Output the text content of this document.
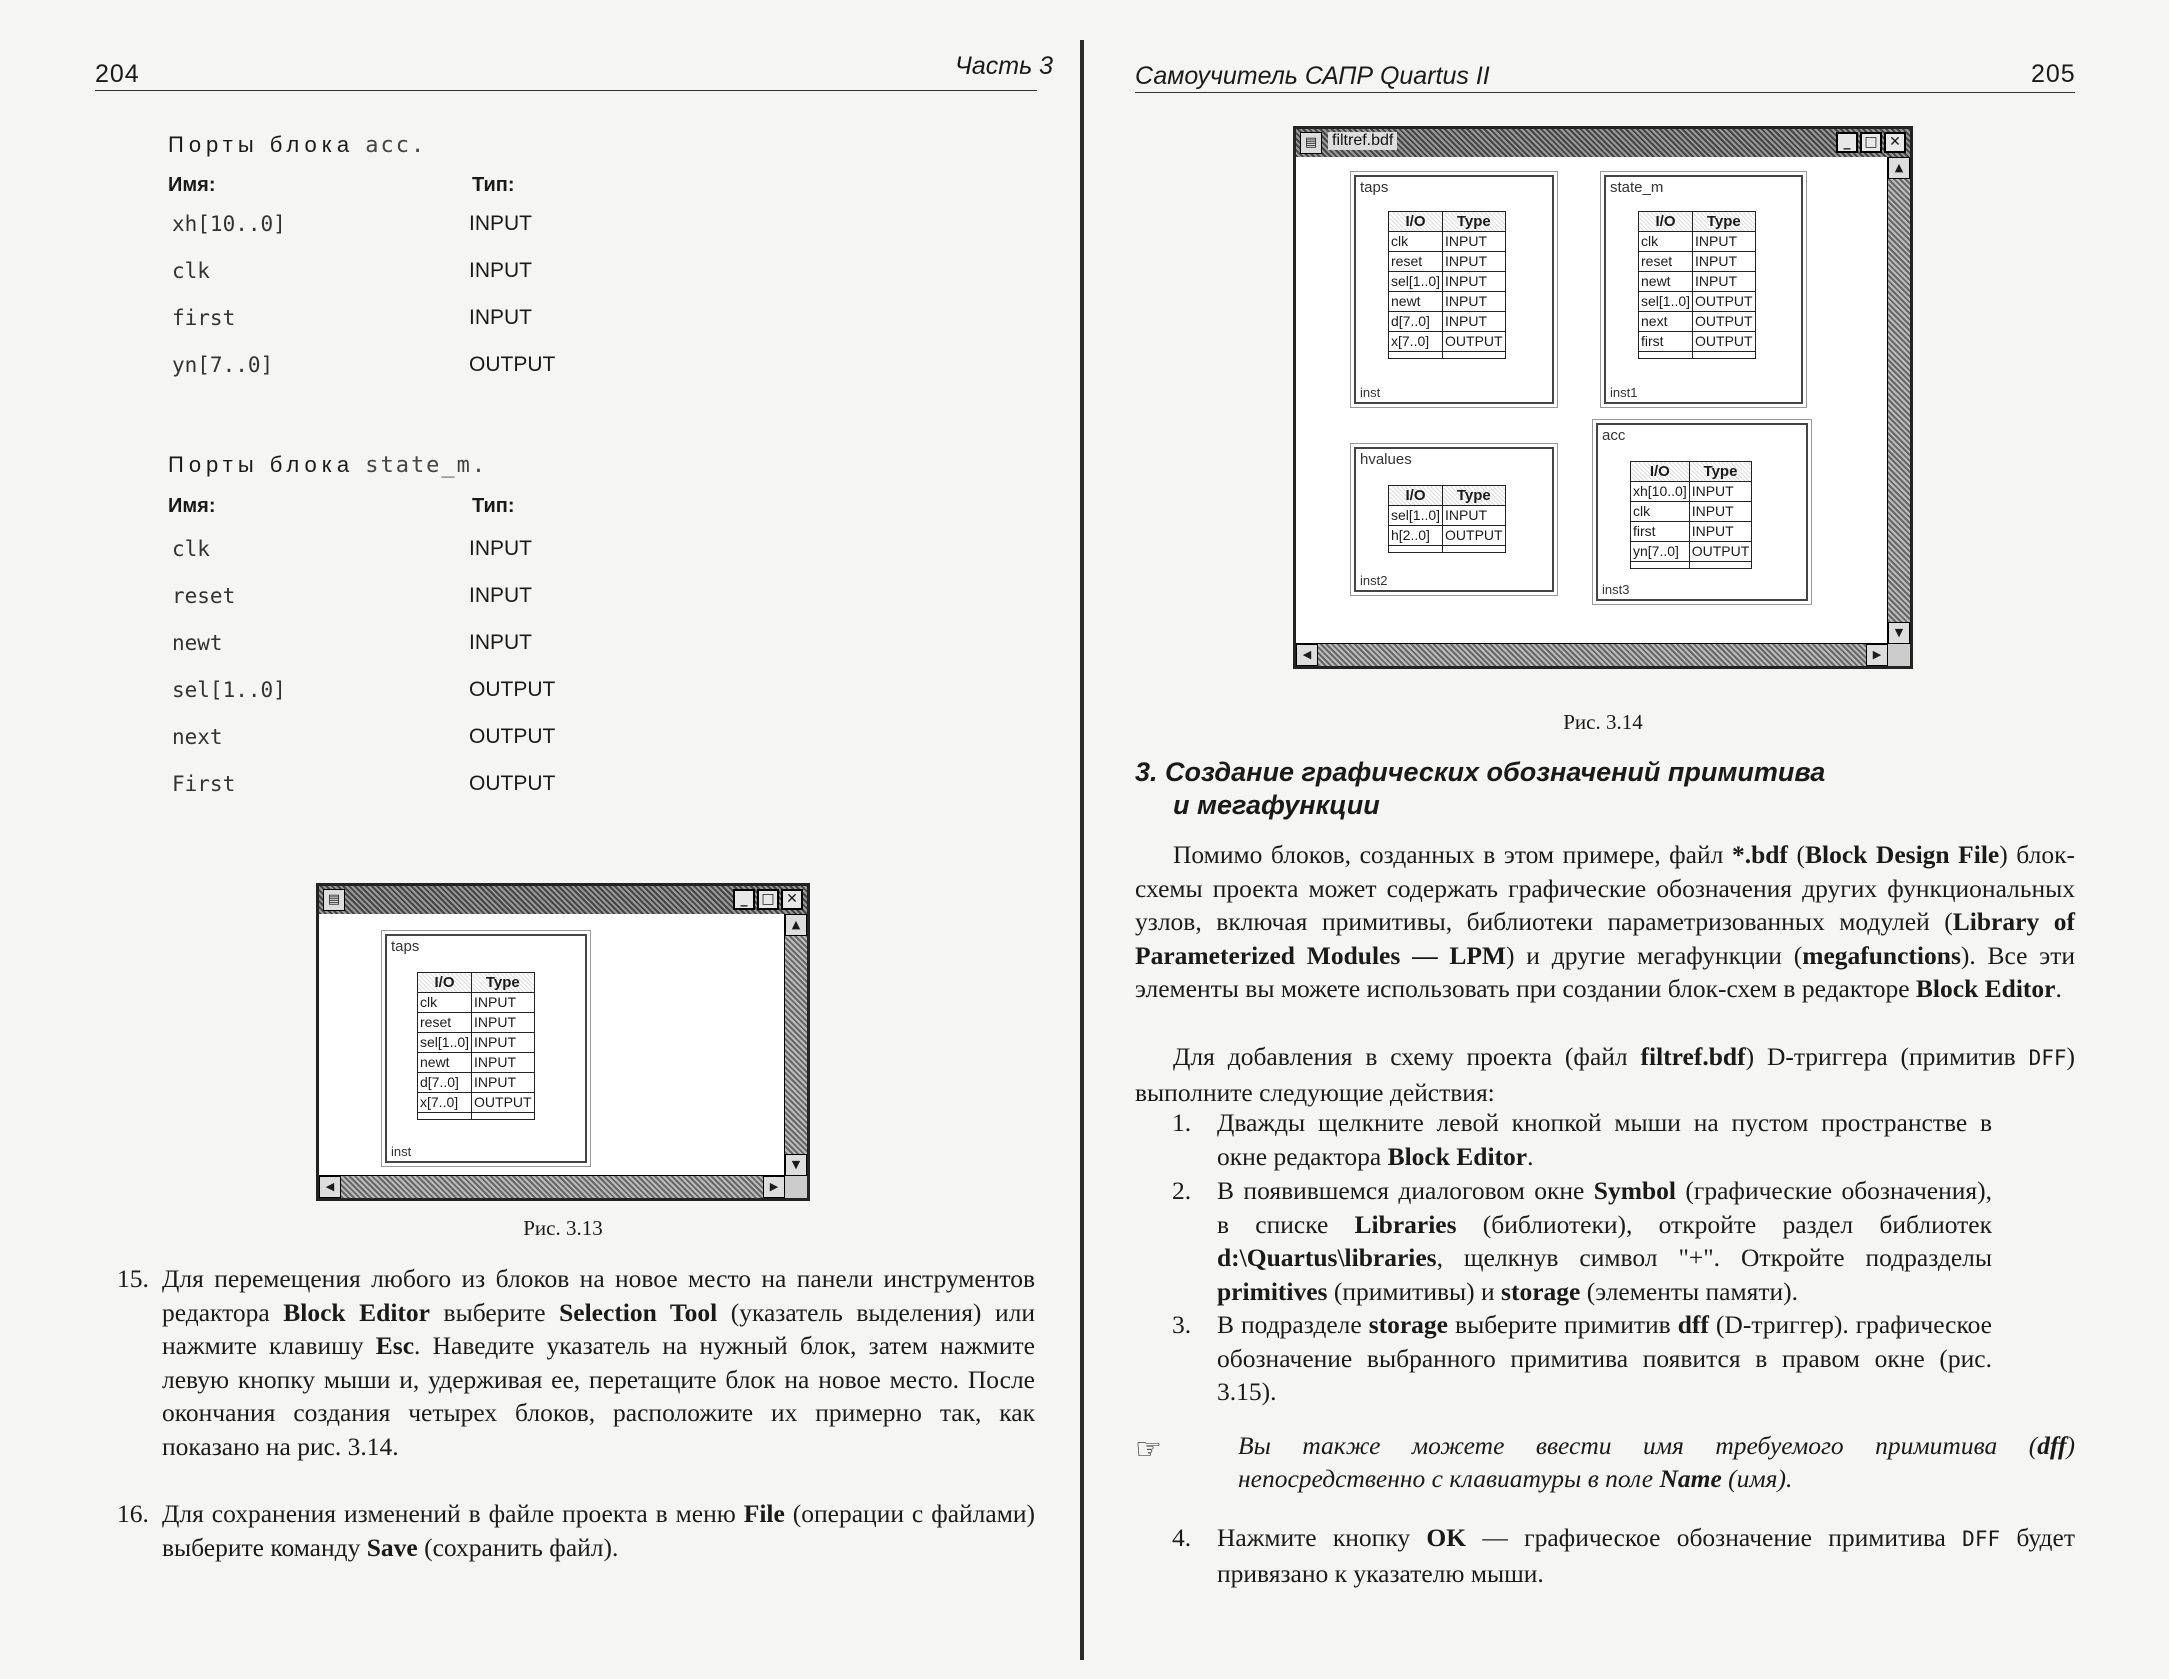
204	Часть 3
Порты блока acc.
Имя:	Тип:
xh[10..0]	INPUT
clk	INPUT
first	INPUT
yn[7..0]	OUTPUT
Порты блока state_m.
Имя:	Тип:
clk	INPUT
reset	INPUT
newt	INPUT
sel[1..0]	OUTPUT
next	OUTPUT
First	OUTPUT
▤	_ □ ✕
taps
I/O	Type
clk	INPUT
reset	INPUT
sel[1..0]	INPUT
newt	INPUT
d[7..0]	INPUT
x[7..0]	OUTPUT

inst
▲
▼
◀	▶
Рис. 3.13
15. Для перемещения любого из блоков на новое место на панели инструментов редактора Block Editor выберите Selection Tool (указатель выделения) или нажмите клавишу Esc. Наведите указатель на нужный блок, затем нажмите левую кнопку мыши и, удерживая ее, перетащите блок на новое место. После окончания создания четырех блоков, расположите их примерно так, как показано на рис. 3.14.
16. Для сохранения изменений в файле проекта в меню File (операции с файлами) выберите команду Save (сохранить файл).
Самоучитель САПР Quartus II	205
▤ filtref.bdf	_ □ ✕
taps
I/O	Type
clk	INPUT
reset	INPUT
sel[1..0]	INPUT
newt	INPUT
d[7..0]	INPUT
x[7..0]	OUTPUT

inst
state_m
I/O	Type
clk	INPUT
reset	INPUT
newt	INPUT
sel[1..0]	OUTPUT
next	OUTPUT
first	OUTPUT

inst1
hvalues
I/O	Type
sel[1..0]	INPUT
h[2..0]	OUTPUT

inst2
acc
I/O	Type
xh[10..0]	INPUT
clk	INPUT
first	INPUT
yn[7..0]	OUTPUT

inst3
▲
▼
◀	▶
Рис. 3.14
3. Создание графических обозначений примитива
и мегафункции
Помимо блоков, созданных в этом примере, файл *.bdf (Block Design File) блок-схемы проекта может содержать графические обозначения других функциональных узлов, включая примитивы, библиотеки параметризованных модулей (Library of Parameterized Modules — LPM) и другие мегафункции (megafunctions). Все эти элементы вы можете использовать при создании блок-схем в редакторе Block Editor.
Для добавления в схему проекта (файл filtref.bdf) D-триггера (примитив DFF) выполните следующие действия:
1. Дважды щелкните левой кнопкой мыши на пустом пространстве в окне редактора Block Editor.
2. В появившемся диалоговом окне Symbol (графические обозначения), в списке Libraries (библиотеки), откройте раздел библиотек d:\Quartus\libraries, щелкнув символ "+". Откройте подразделы primitives (примитивы) и storage (элементы памяти).
3. В подразделе storage выберите примитив dff (D-триггер). графическое обозначение выбранного примитива появится в правом окне (рис. 3.15).
☞	Вы также можете ввести имя требуемого примитива (dff) непосредственно с клавиатуры в поле Name (имя).
4. Нажмите кнопку OK — графическое обозначение примитива DFF будет привязано к указателю мыши.
